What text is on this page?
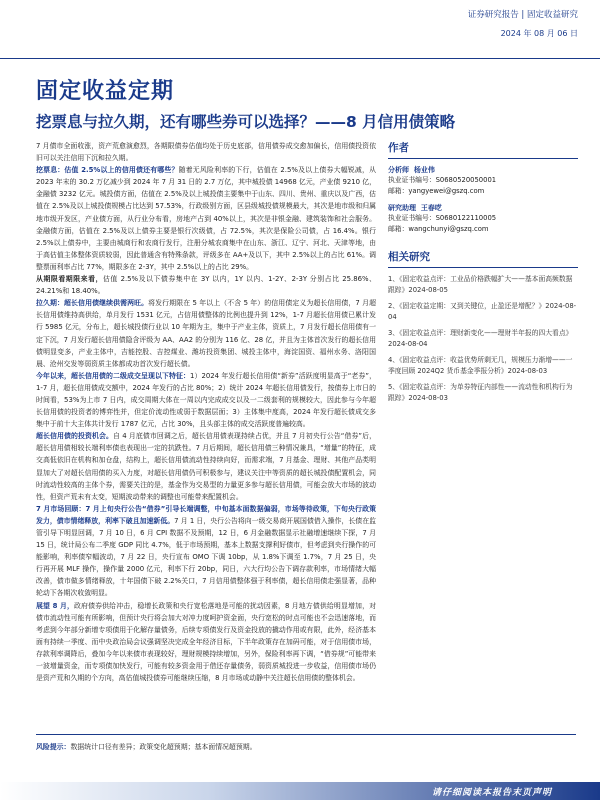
证券研究报告 | 固定收益研究
2024 年 08 月 06 日
固定收益定期
挖票息与拉久期，还有哪些券可以选择？——8 月信用债策略

7 月债市全面收涨，资产荒愈演愈烈，各期限债券估值均处于历史底部，信用债券成交愈加偏长，信用债投资依旧可以关注信用下沉和拉久期。

挖票息：估值 2.5%以上的信用债还有哪些？随着无风险利率的下行，估值在 2.5%及以上债券大幅锐减，从 2023 年末的 30.2 万亿减少到 2024 年 7 月 31 日的 2.7 万亿，其中城投债 14968 亿元，产业债 9210 亿，金融债 3232 亿元。城投债方面，估值在 2.5%及以上城投债主要集中于山东、四川、贵州、重庆以及广西，估值在 2.5%及以上城投债规模占比达到 57.53%，行政级别方面，区县级城投债规模最大，其次是地市级和归属地市级开发区，产业债方面，从行业分布看，房地产占到 40%以上，其次是非银金融、建筑装饰和社会服务。金融债方面，估值在 2.5%及以上债券主要是银行次级债，占 72.5%，其次是保险公司债，占 16.4%。银行 2.5%以上债券中，主要由城商行和农商行发行，注册分城农商集中在山东、浙江、辽宁、河北、天津等地，由于高估值主体整体资质较弱，因此普通含有特殊条款，评级多在 AA+及以下，其中 2.5%以上的占比 61%。调整票面利率占比 77%，期限多在 2-3Y，其中 2.5%以上的占比 29%。

从期限看期限来看，估值 2.5%及以下债券集中在 3Y 以内，1Y 以内、1-2Y、2-3Y 分别占比 25.86%、24.21%和 18.40%。

拉久期：超长信用债继续供需两旺。将发行期限在 5 年以上（不含 5 年）的信用债定义为超长信用债，7 月超长信用债维持高供给，单月发行 1531 亿元，占信用债整体的比例也提升到 12%，1-7 月超长信用债已累计发行 5985 亿元，分布上，超长城投债行业以 10 年期为主，集中于产业主体，资质上，7 月发行超长信用债有一定下沉，7 月发行超长信用债隐含评级为 AA、AA2 的分别为 116 亿、28 亿，并且为主体首次发行的超长信用债明显变多，产业主体中，吉能控股、吉控煤业、潍坊投资集团、城投主体中，海淀国资、福州水务、洛阳国晨、沧州交发等弱资质主体都成功首次发行超长债。

今年以来，超长信用债的二级成交呈现以下特征：1）2024 年发行超长信用债“新券”活跃度明显高于“老券”，1-7 月，超长信用债成交额中，2024 年发行的占比 80%；2）统计 2024 年超长信用债发行，按债券上市日的时间看，53%为上市 7 日内，成交周期大体在一周以内完成成交以及一二级套利的规模较大，因此参与今年超长信用债的投资者的博弈性并，但定价流动性或弱于数据层面；3）主体集中度高，2024 年发行超长债成交多集中于前十大主体共计发行 1787 亿元，占比 30%，且头部主体的成交活跃度普遍较高。

超长信用债的投资机会。自 4 月底债市回调之后，超长信用债表现持续占优，并且 7 月初央行公告“借券”后，超长信用债相较长端利率债也表现出一定的抗跌性。7 月后期间，超长信用债三种情况兼具，“增量”的特征，成交高低依旧在机构和加仓盘，结构上，超长信用债流动性持续向好，而需求端，7 月基金、理财、其他产品类明显加大了对超长信用债的买入力度，对超长信用债仍可积极参与，建议关注中等资质的超长城投债配置机会，同时流动性较高的主体个券，需要关注的是，基金作为交易型的力量更多参与超长信用债，可能会放大市场的波动性，但资产荒未有太变，短期波动带来的调整也可能带来配置机会。

7 月市场回顾：7 月上旬央行公告“借券”引导长端调整，中旬基本面数据偏弱，市场等待政策，下旬央行政策发力，债市情绪释放，利率下破且加速新低。7 月 1 日，央行公告将向一级交易商开展国债借入操作，长债在监管引导下明显回调，7 月 10 日，6 月 CPI 数据不及预期，12 日，6 月金融数据显示社融增速继续下探，7 月 15 日，统计局公布二季度 GDP 同比 4.7%，低于市场预期，基本上数据支撑利好债市，但考虑到央行操作的可能影响，利率债窄幅波动，7 月 22 日，央行宣布 OMO 下调 10bp，从 1.8%下调至 1.7%，7 月 25 日，央行再开展 MLF 操作，操作量 2000 亿元，利率下行 20bp，同日，六大行均公告下调存款利率，市场情绪大幅改善，债市做多情绪释放，十年国债下破 2.2%关口，7 月信用债整体强于利率债，超长信用债走强显著，品种轮动下各期次收敛明显。

展望 8 月，政府债券供给冲击，稳增长政策和央行宽松落地是可能的扰动因素，8 月地方债供给明显增加，对债市流动性可能有所影响，但预计央行将会加大对冲力度呵护资金面，央行宽松的时点可能也不会迅速落地，而考虑到今年部分新增专项债用于化解存量债务，后续专项债发行及资金投放的撬动作用或有限，此外，经济基本面有持续一季度、而中央政治局会议强调坚决完成全年经济目标，下半年政策存在加码可能，对于信用债市场，存款利率调降后，叠加今年以来债市表现较好，理财规模持续增加，另外，保险利率再下调，“借券规”可能带来一波增量资金，而专项债加快发行，可能有较多资金用于借还存量债务，弱资质城投进一步收益，信用债市场仍是资产荒和久期的个方向，高估值城投债券可能继续压缩，8 月市场或动静中关注超长信用债的整体机会。

作者
分析师 杨业伟
执业证书编号：S0680520050001
邮箱：yangyewei@gszq.com
研究助理 王春呓
执业证书编号：S0680122110005
邮箱：wangchunyi@gszq.com
相关研究

1、《固定收益点评：工业品价格跌幅扩大——基本面高频数据跟踪》2024-08-05

2、《固定收益定期：又到关键位，止盈还是增配？》2024-08-04

3、《固定收益点评：理财新变化——理财半年报的四大看点》2024-08-04

4、《固定收益点评：收益优势所剩无几，规模压力渐增——一季度回顾 2024Q2 货币基金季报分析》2024-08-03

5、《固定收益点评：为单券特征内部性——流动性和机构行为跟踪》2024-08-03

风险提示：数据统计口径有差异；政策变化超预期；基本面情况超预期。
请仔细阅读本报告末页声明
